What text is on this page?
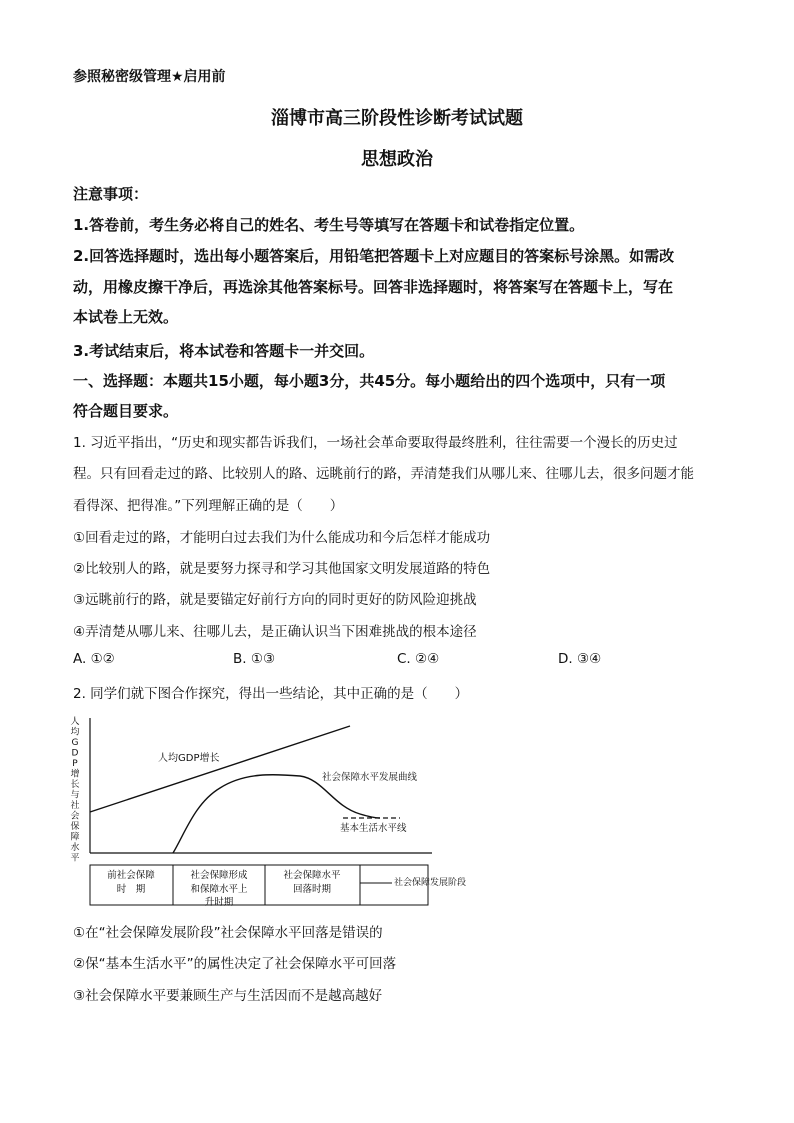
参照秘密级管理★启用前
淄博市高三阶段性诊断考试试题
思想政治
注意事项：
1.答卷前，考生务必将自己的姓名、考生号等填写在答题卡和试卷指定位置。
2.回答选择题时，选出每小题答案后，用铅笔把答题卡上对应题目的答案标号涂黑。如需改
动，用橡皮擦干净后，再选涂其他答案标号。回答非选择题时，将答案写在答题卡上，写在
本试卷上无效。
3.考试结束后，将本试卷和答题卡一并交回。
一、选择题：本题共15小题，每小题3分，共45分。每小题给出的四个选项中，只有一项
符合题目要求。
1. 习近平指出，“历史和现实都告诉我们，一场社会革命要取得最终胜利，往往需要一个漫长的历史过
程。只有回看走过的路、比较别人的路、远眺前行的路，弄清楚我们从哪儿来、往哪儿去，很多问题才能
看得深、把得准。”下列理解正确的是（　　）
①回看走过的路，才能明白过去我们为什么能成功和今后怎样才能成功
②比较别人的路，就是要努力探寻和学习其他国家文明发展道路的特色
③远眺前行的路，就是要锚定好前行方向的同时更好的防风险迎挑战
④弄清楚从哪儿来、往哪儿去，是正确认识当下困难挑战的根本途径
A. ①②	B. ①③	C. ②④	D. ③④
2. 同学们就下图合作探究，得出一些结论，其中正确的是（　　）
人
均
G
D
P
增
长
与
社
会
保
障
水
平
人均GDP增长
社会保障水平发展曲线
基本生活水平线
前社会保障
时　期
社会保障形成
和保障水平上
升时期
社会保障水平
回落时期
社会保障发展阶段
①在“社会保障发展阶段”社会保障水平回落是错误的
②保“基本生活水平”的属性决定了社会保障水平可回落
③社会保障水平要兼顾生产与生活因而不是越高越好
